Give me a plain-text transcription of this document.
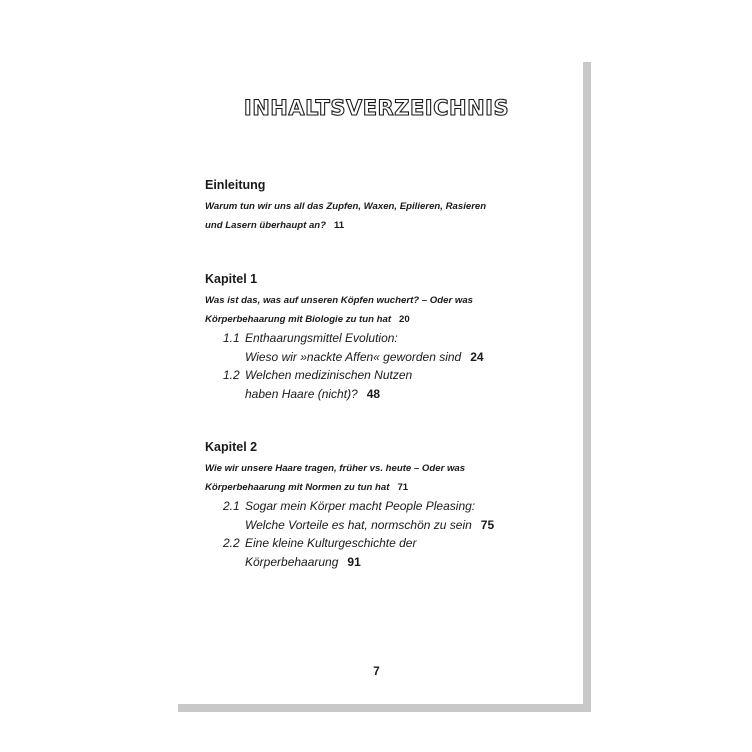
INHALTSVERZEICHNIS
Einleitung

Warum tun wir uns all das Zupfen, Waxen, Epilieren, Rasieren
und Lasern überhaupt an? 11

Kapitel 1

Was ist das, was auf unseren Köpfen wuchert? – Oder was
Körperbehaarung mit Biologie zu tun hat 20

1.1 Enthaarungsmittel Evolution:
Wieso wir »nackte Affen« geworden sind 24
1.2 Welchen medizinischen Nutzen
haben Haare (nicht)? 48
Kapitel 2

Wie wir unsere Haare tragen, früher vs. heute – Oder was
Körperbehaarung mit Normen zu tun hat 71

2.1 Sogar mein Körper macht People Pleasing:
Welche Vorteile es hat, normschön zu sein 75
2.2 Eine kleine Kulturgeschichte der
Körperbehaarung 91
7
